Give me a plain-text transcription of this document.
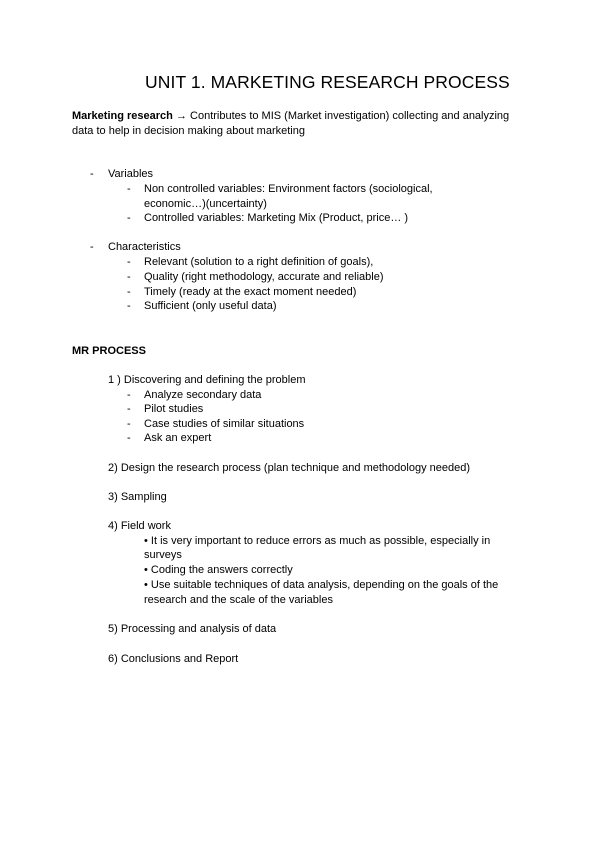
UNIT 1. MARKETING RESEARCH PROCESS
Marketing research → Contributes to MIS (Market investigation) collecting and analyzing data to help in decision making about marketing
- Variables
- Non controlled variables: Environment factors (sociological,
economic…)(uncertainty)
- Controlled variables: Marketing Mix (Product, price… )
- Characteristics
- Relevant (solution to a right definition of goals),
- Quality (right methodology, accurate and reliable)
- Timely (ready at the exact moment needed)
- Sufficient (only useful data)
MR PROCESS
1 ) Discovering and defining the problem
- Analyze secondary data
- Pilot studies
- Case studies of similar situations
- Ask an expert
2) Design the research process (plan technique and methodology needed)
3) Sampling
4) Field work
• It is very important to reduce errors as much as possible, especially in
surveys
• Coding the answers correctly
• Use suitable techniques of data analysis, depending on the goals of the
research and the scale of the variables
5) Processing and analysis of data
6) Conclusions and Report
